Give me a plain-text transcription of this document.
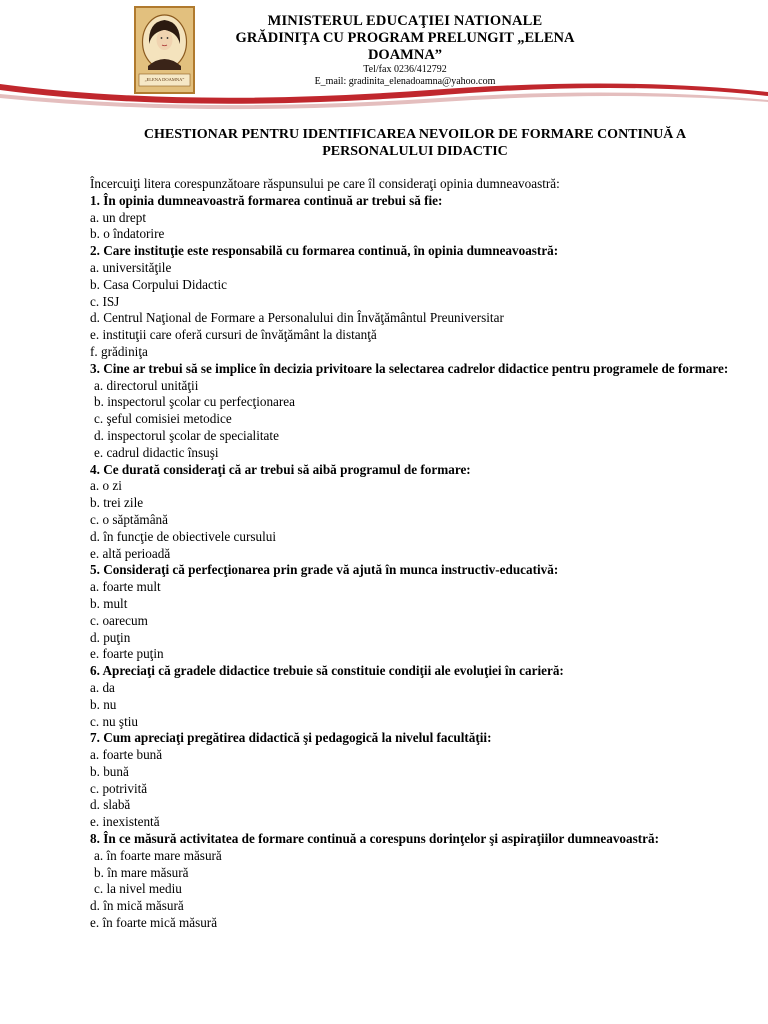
„ELENA DOAMNA”
MINISTERUL EDUCAŢIEI NATIONALE
GRĂDINIŢA CU PROGRAM PRELUNGIT „ELENA DOAMNA”
Tel/fax 0236/412792
E_mail: gradinita_elenadoamna@yahoo.com
CHESTIONAR PENTRU IDENTIFICAREA NEVOILOR DE FORMARE CONTINUĂ A PERSONALULUI DIDACTIC
Încercuiţi litera corespunzătoare răspunsului pe care îl consideraţi opinia dumneavoastră:
1. În opinia dumneavoastră formarea continuă ar trebui să fie:
a. un drept
b. o îndatorire
2. Care instituţie este responsabilă cu formarea continuă, în opinia dumneavoastră:
a. universităţile
b. Casa Corpului Didactic
c. ISJ
d. Centrul Naţional de Formare a Personalului din Învăţământul Preuniversitar
e. instituţii care oferă cursuri de învăţământ la distanţă
f. grădiniţa
3. Cine ar trebui să se implice în decizia privitoare la selectarea cadrelor didactice pentru programele de formare:
a. directorul unităţii
b. inspectorul şcolar cu perfecţionarea
c. şeful comisiei metodice
d. inspectorul şcolar de specialitate
e. cadrul didactic însuşi
4. Ce durată consideraţi că ar trebui să aibă programul de formare:
a. o zi
b. trei zile
c. o săptămână
d. în funcţie de obiectivele cursului
e. altă perioadă
5. Consideraţi că perfecţionarea prin grade vă ajută în munca instructiv-educativă:
a. foarte mult
b. mult
c. oarecum
d. puţin
e. foarte puţin
6. Apreciaţi că gradele didactice trebuie să constituie condiţii ale evoluţiei în carieră:
a. da
b. nu
c. nu ştiu
7. Cum apreciaţi pregătirea didactică şi pedagogică la nivelul facultăţii:
a. foarte bună
b. bună
c. potrivită
d. slabă
e. inexistentă
8. În ce măsură activitatea de formare continuă a corespuns dorinţelor şi aspiraţiilor dumneavoastră:
a. în foarte mare măsură
b. în mare măsură
c. la nivel mediu
d. în mică măsură
e. în foarte mică măsură
